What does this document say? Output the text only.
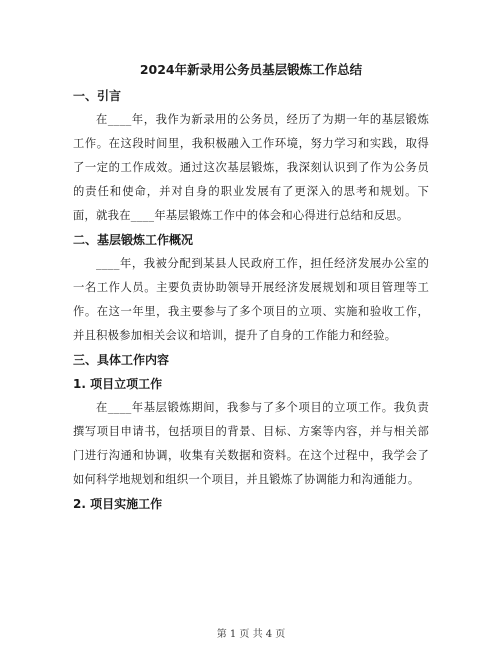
2024年新录用公务员基层锻炼工作总结
一、引言

在____年，我作为新录用的公务员，经历了为期一年的基层锻炼工作。在这段时间里，我积极融入工作环境，努力学习和实践，取得了一定的工作成效。通过这次基层锻炼，我深刻认识到了作为公务员的责任和使命，并对自身的职业发展有了更深入的思考和规划。下面，就我在____年基层锻炼工作中的体会和心得进行总结和反思。

二、基层锻炼工作概况

____年，我被分配到某县人民政府工作，担任经济发展办公室的一名工作人员。主要负责协助领导开展经济发展规划和项目管理等工作。在这一年里，我主要参与了多个项目的立项、实施和验收工作，并且积极参加相关会议和培训，提升了自身的工作能力和经验。

三、具体工作内容
1. 项目立项工作

在____年基层锻炼期间，我参与了多个项目的立项工作。我负责撰写项目申请书，包括项目的背景、目标、方案等内容，并与相关部门进行沟通和协调，收集有关数据和资料。在这个过程中，我学会了如何科学地规划和组织一个项目，并且锻炼了协调能力和沟通能力。

2. 项目实施工作
第 1 页 共 4 页
